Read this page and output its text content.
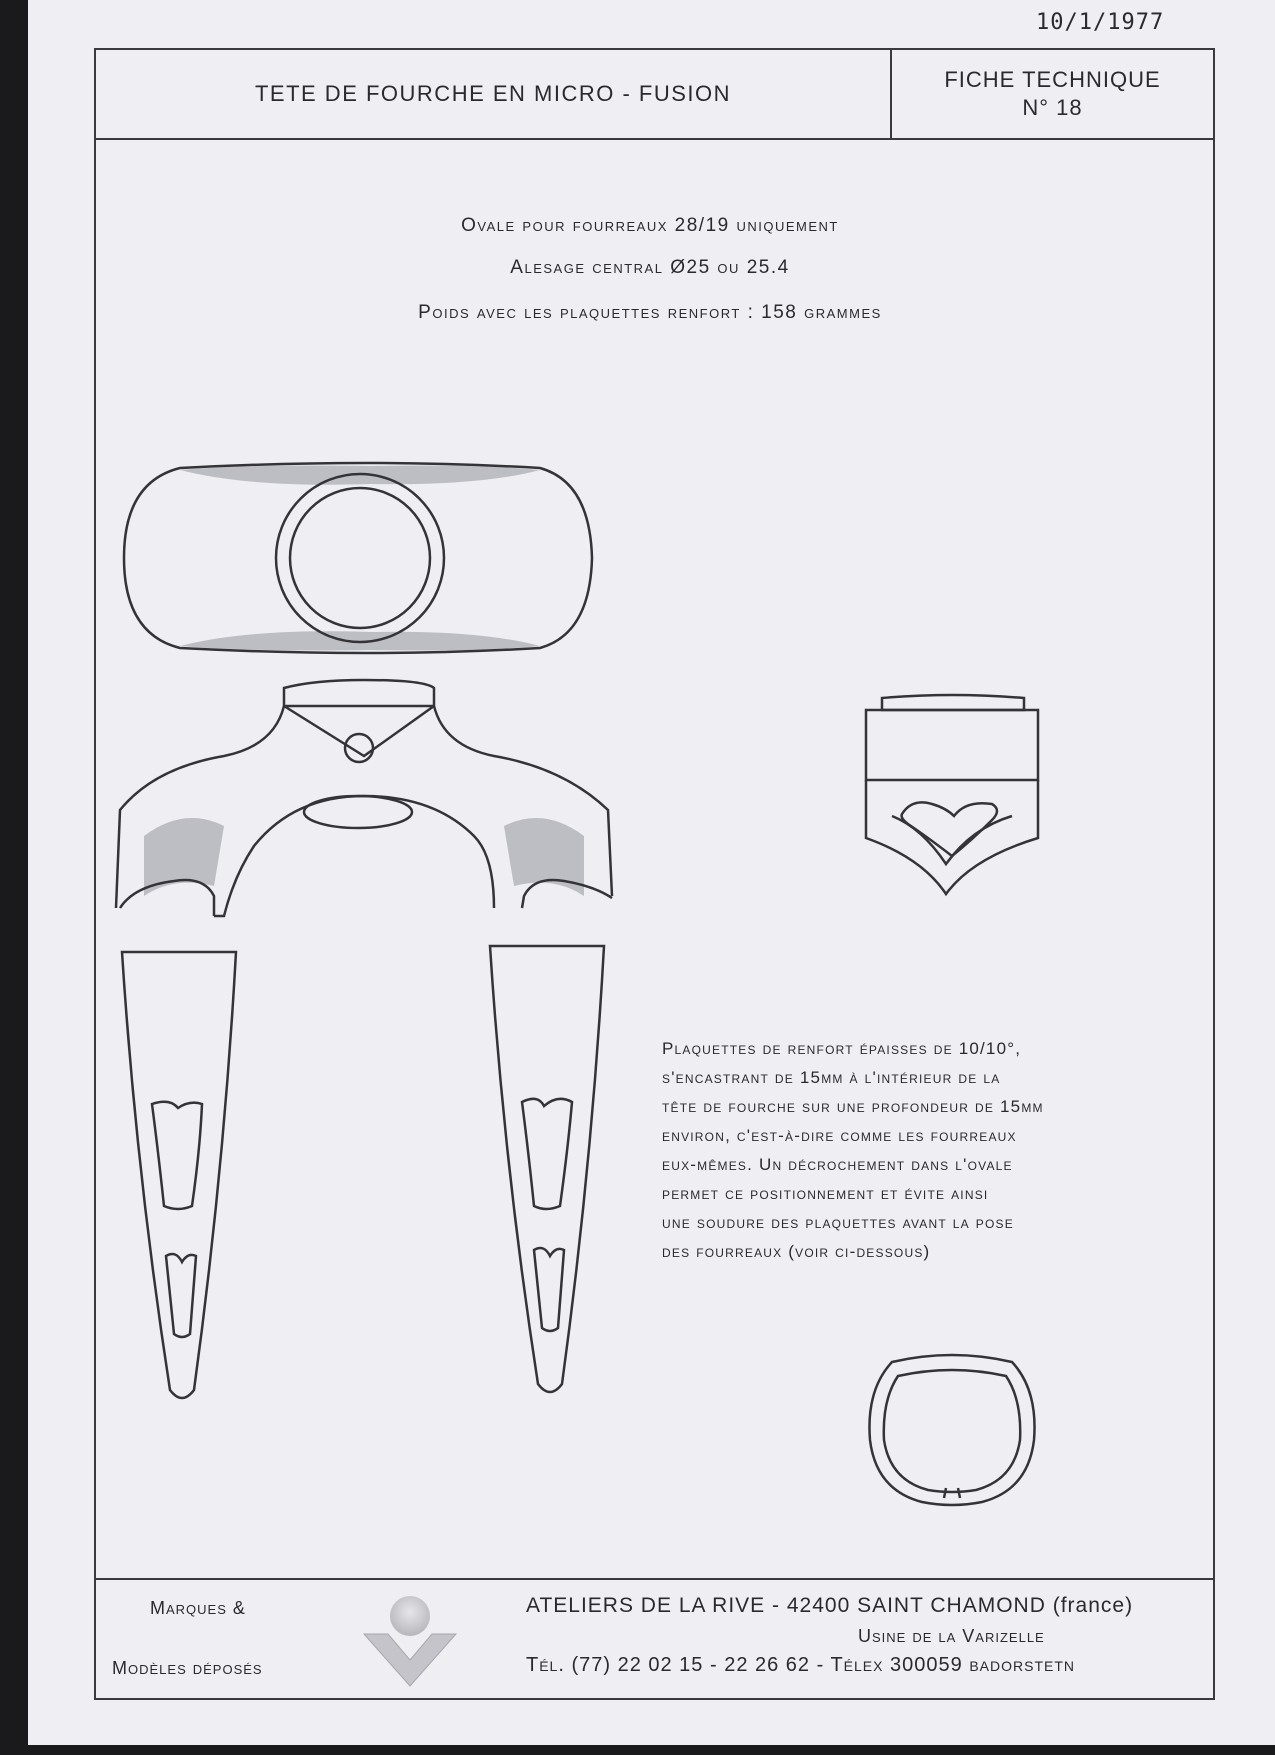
10/1/1977
TETE DE FOURCHE EN MICRO - FUSION
FICHE TECHNIQUE
N° 18
Ovale pour fourreaux 28/19 uniquement
Alesage central Ø25 ou 25.4
Poids avec les plaquettes renfort : 158 grammes
Plaquettes de renfort épaisses de 10/10°,
s'encastrant de 15mm à l'intérieur de la
tête de fourche sur une profondeur de 15mm
environ, c'est-à-dire comme les fourreaux
eux-mêmes. Un décrochement dans l'ovale
permet ce positionnement et évite ainsi
une soudure des plaquettes avant la pose
des fourreaux (voir ci-dessous)
Marques &
Modèles déposés
ATELIERS DE LA RIVE - 42400 SAINT CHAMOND (france)
Usine de la Varizelle
Tél. (77) 22 02 15 - 22 26 62 - Télex 300059 badorstetn
